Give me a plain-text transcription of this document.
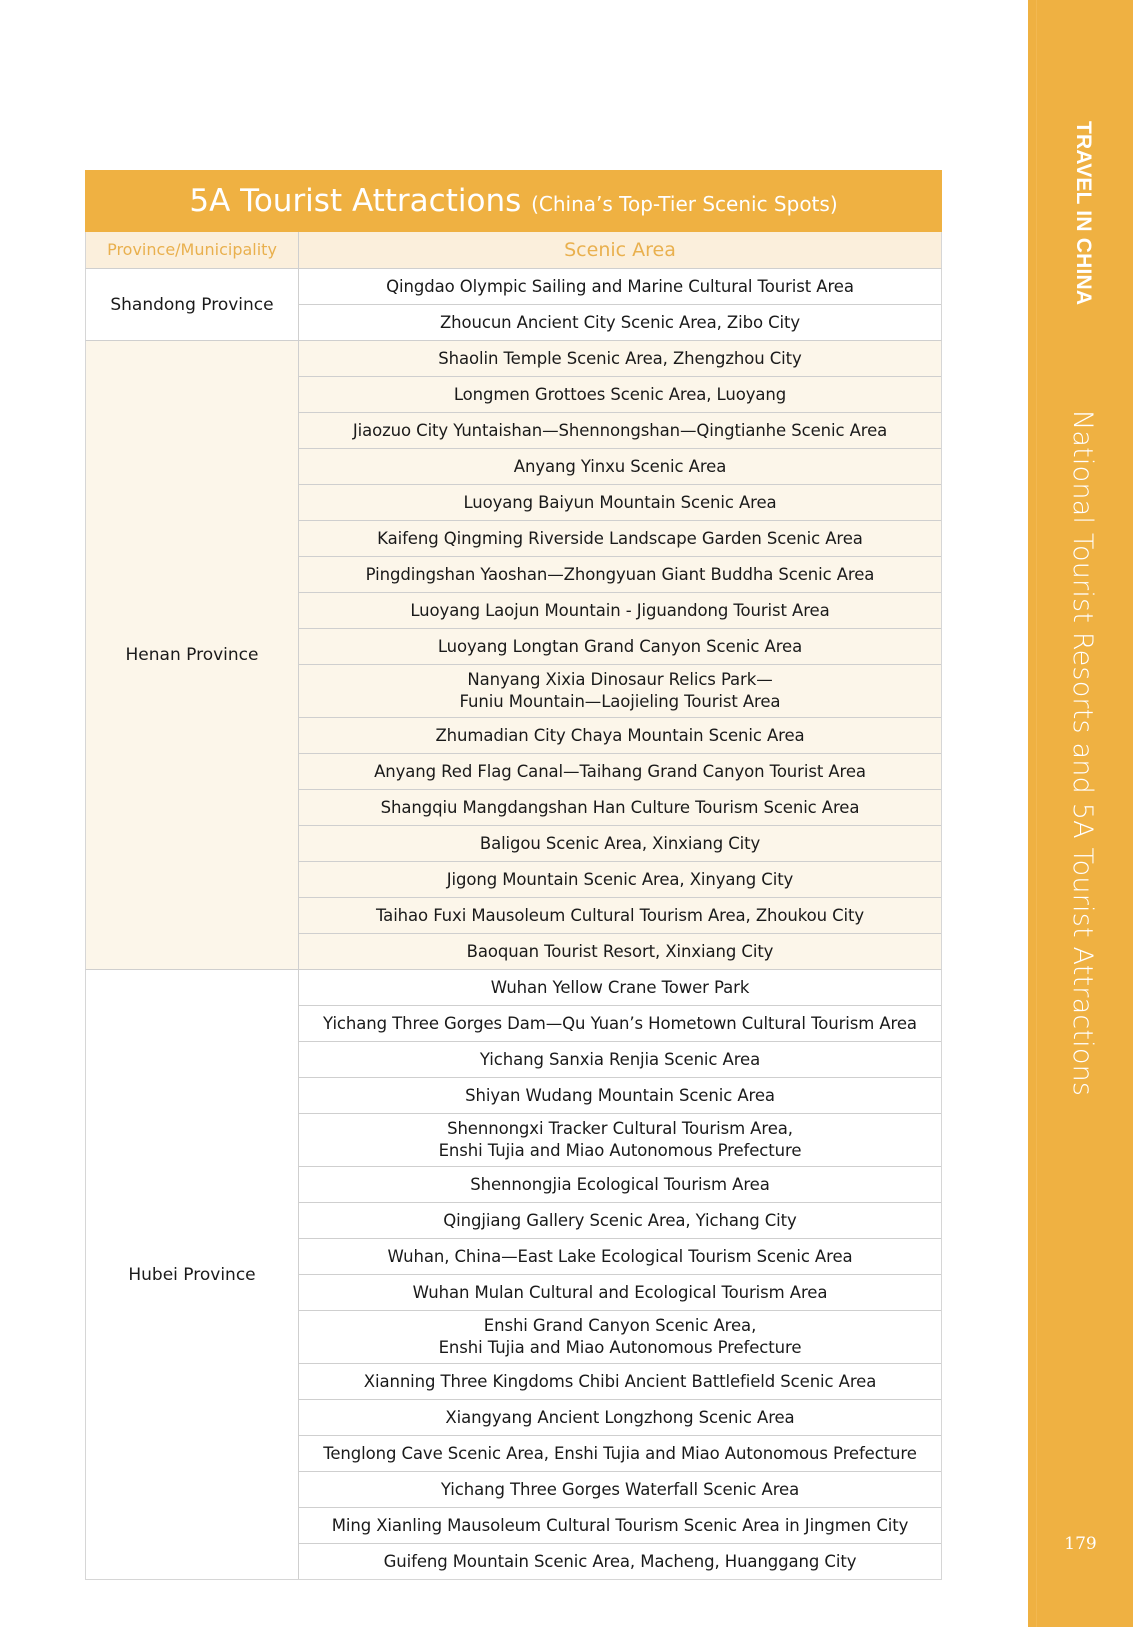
06
TRAVEL IN CHINA
National Tourist Resorts and 5A Tourist Attractions
179
5A Tourist Attractions (China’s Top-Tier Scenic Spots)
Province/Municipality	Scenic Area
Shandong Province
Qingdao Olympic Sailing and Marine Cultural Tourist Area
Zhoucun Ancient City Scenic Area, Zibo City
Henan Province
Shaolin Temple Scenic Area, Zhengzhou City
Longmen Grottoes Scenic Area, Luoyang
Jiaozuo City Yuntaishan—Shennongshan—Qingtianhe Scenic Area
Anyang Yinxu Scenic Area
Luoyang Baiyun Mountain Scenic Area
Kaifeng Qingming Riverside Landscape Garden Scenic Area
Pingdingshan Yaoshan—Zhongyuan Giant Buddha Scenic Area
Luoyang Laojun Mountain - Jiguandong Tourist Area
Luoyang Longtan Grand Canyon Scenic Area
Nanyang Xixia Dinosaur Relics Park—
Funiu Mountain—Laojieling Tourist Area
Zhumadian City Chaya Mountain Scenic Area
Anyang Red Flag Canal—Taihang Grand Canyon Tourist Area
Shangqiu Mangdangshan Han Culture Tourism Scenic Area
Baligou Scenic Area, Xinxiang City
Jigong Mountain Scenic Area, Xinyang City
Taihao Fuxi Mausoleum Cultural Tourism Area, Zhoukou City
Baoquan Tourist Resort, Xinxiang City
Hubei Province
Wuhan Yellow Crane Tower Park
Yichang Three Gorges Dam—Qu Yuan’s Hometown Cultural Tourism Area
Yichang Sanxia Renjia Scenic Area
Shiyan Wudang Mountain Scenic Area
Shennongxi Tracker Cultural Tourism Area,
Enshi Tujia and Miao Autonomous Prefecture
Shennongjia Ecological Tourism Area
Qingjiang Gallery Scenic Area, Yichang City
Wuhan, China—East Lake Ecological Tourism Scenic Area
Wuhan Mulan Cultural and Ecological Tourism Area
Enshi Grand Canyon Scenic Area,
Enshi Tujia and Miao Autonomous Prefecture
Xianning Three Kingdoms Chibi Ancient Battlefield Scenic Area
Xiangyang Ancient Longzhong Scenic Area
Tenglong Cave Scenic Area, Enshi Tujia and Miao Autonomous Prefecture
Yichang Three Gorges Waterfall Scenic Area
Ming Xianling Mausoleum Cultural Tourism Scenic Area in Jingmen City
Guifeng Mountain Scenic Area, Macheng, Huanggang City
